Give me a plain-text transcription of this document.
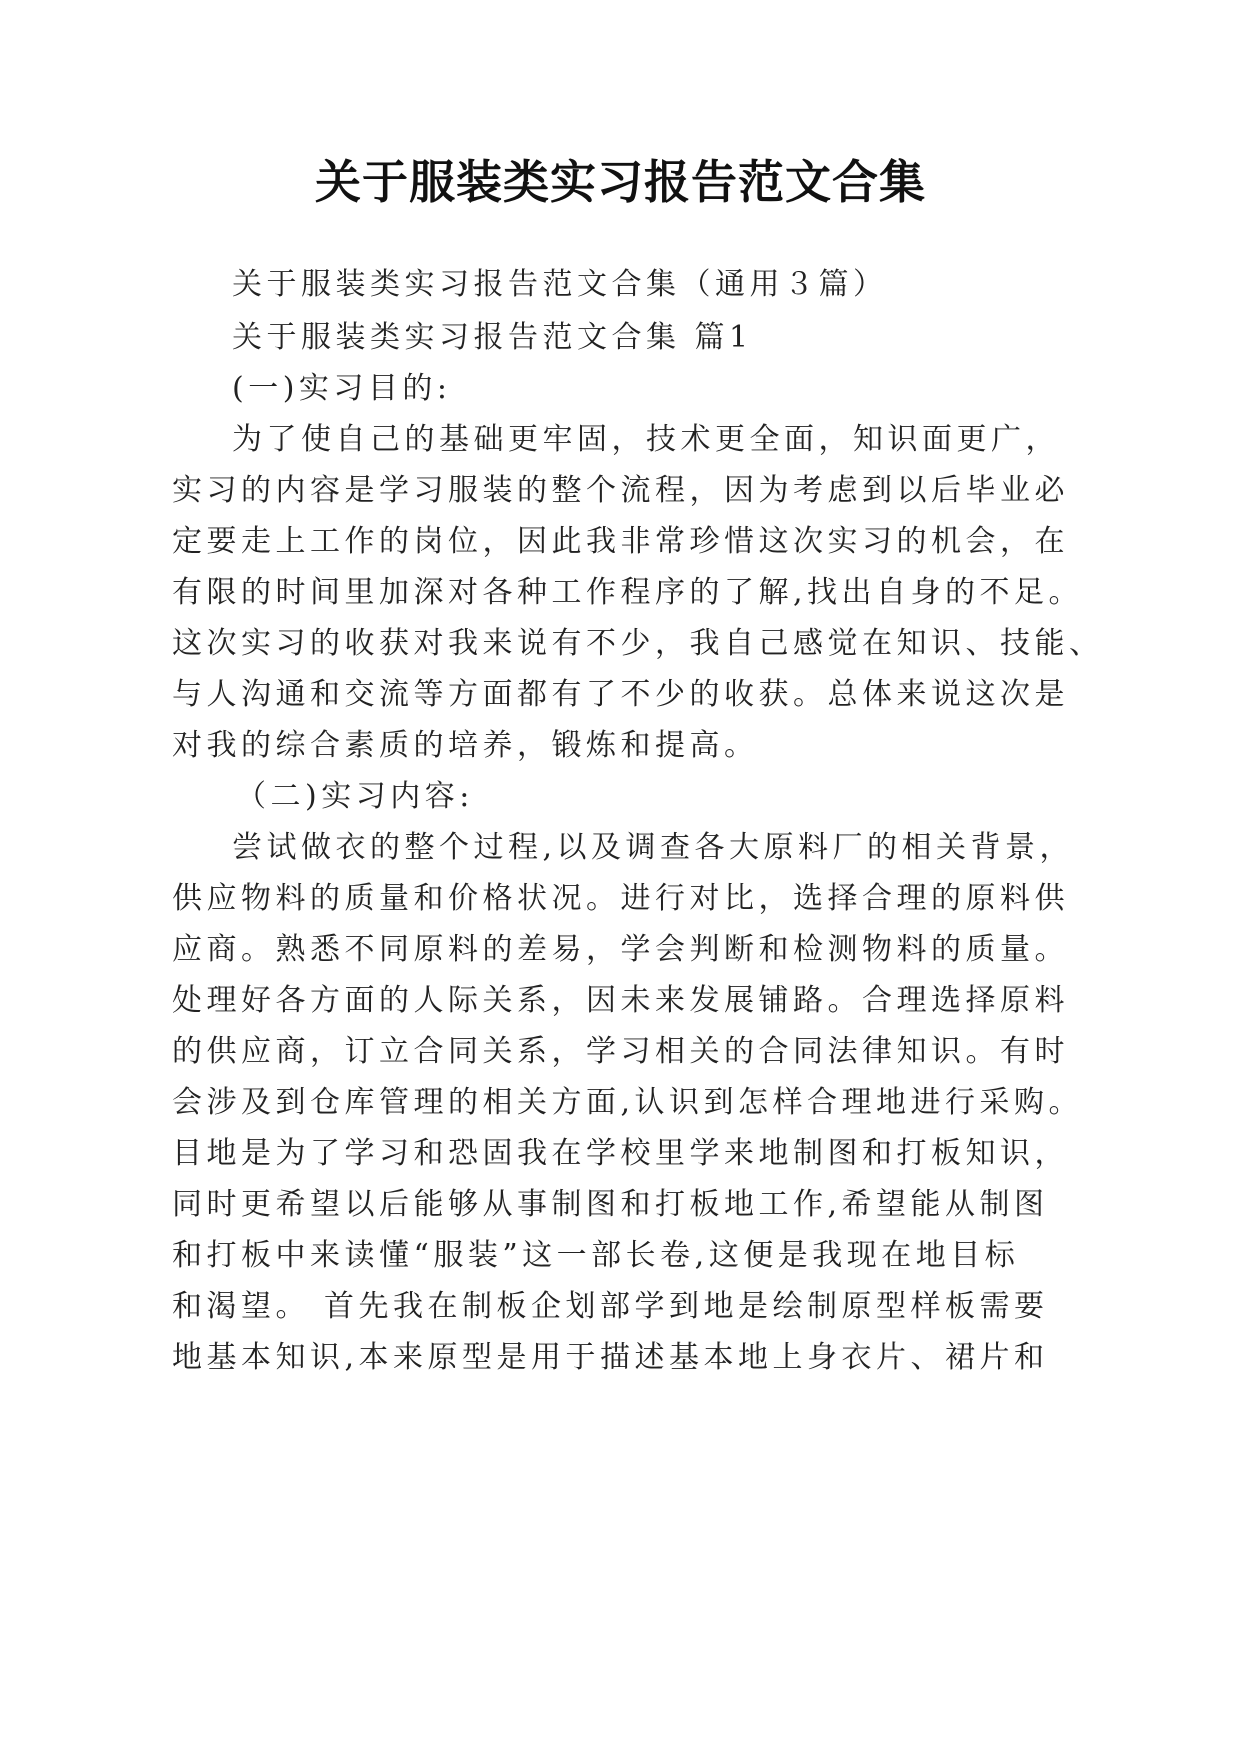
关于服装类实习报告范文合集
关于服装类实习报告范文合集（通用３篇）
关于服装类实习报告范文合集 篇1
(一)实习目的:
为了使自己的基础更牢固，技术更全面，知识面更广，
实习的内容是学习服装的整个流程，因为考虑到以后毕业必
定要走上工作的岗位，因此我非常珍惜这次实习的机会，在
有限的时间里加深对各种工作程序的了解,找出自身的不足。
这次实习的收获对我来说有不少，我自己感觉在知识、技能、
与人沟通和交流等方面都有了不少的收获。总体来说这次是
对我的综合素质的培养，锻炼和提高。
（二)实习内容:
尝试做衣的整个过程,以及调查各大原料厂的相关背景，
供应物料的质量和价格状况。进行对比，选择合理的原料供
应商。熟悉不同原料的差易，学会判断和检测物料的质量。
处理好各方面的人际关系，因未来发展铺路。合理选择原料
的供应商，订立合同关系，学习相关的合同法律知识。有时
会涉及到仓库管理的相关方面,认识到怎样合理地进行采购。
目地是为了学习和恐固我在学校里学来地制图和打板知识，
同时更希望以后能够从事制图和打板地工作,希望能从制图
和打板中来读懂“服装”这一部长卷,这便是我现在地目标
和渴望。 首先我在制板企划部学到地是绘制原型样板需要
地基本知识,本来原型是用于描述基本地上身衣片、裙片和
